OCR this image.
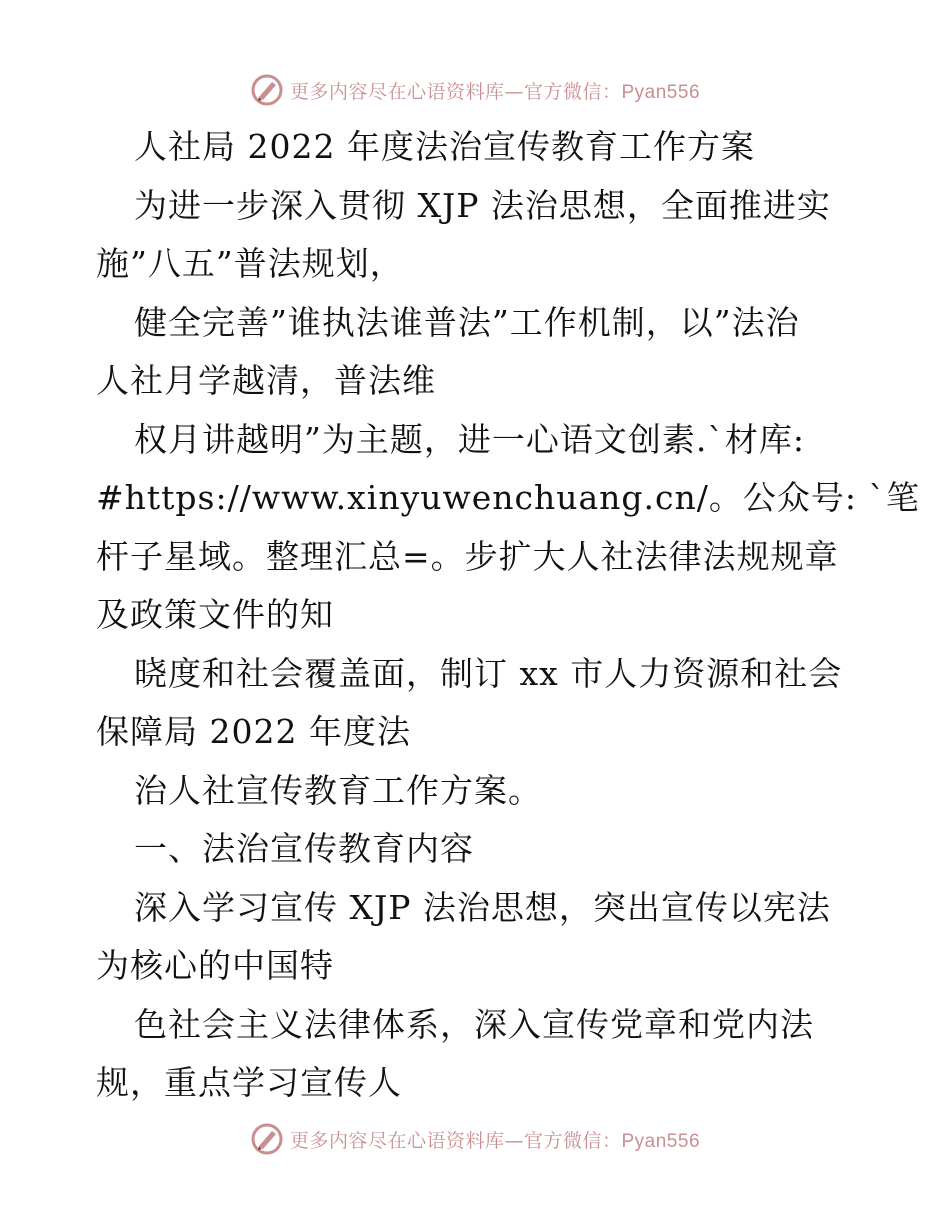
更多内容尽在心语资料库—官方微信：Pyan556
人社局 2022 年度法治宣传教育工作方案
为进一步深入贯彻 XJP 法治思想，全面推进实
施”八五”普法规划，
健全完善”谁执法谁普法”工作机制，以”法治
人社月学越清，普法维
权月讲越明”为主题，进一心语文创素.`材库:
#https://www.xinyuwenchuang.cn/。公众号: `笔
杆子星域。整理汇总=。步扩大人社法律法规规章
及政策文件的知
晓度和社会覆盖面，制订 xx 市人力资源和社会
保障局 2022 年度法
治人社宣传教育工作方案。
一、法治宣传教育内容
深入学习宣传 XJP 法治思想，突出宣传以宪法
为核心的中国特
色社会主义法律体系，深入宣传党章和党内法
规，重点学习宣传人
更多内容尽在心语资料库—官方微信：Pyan556
